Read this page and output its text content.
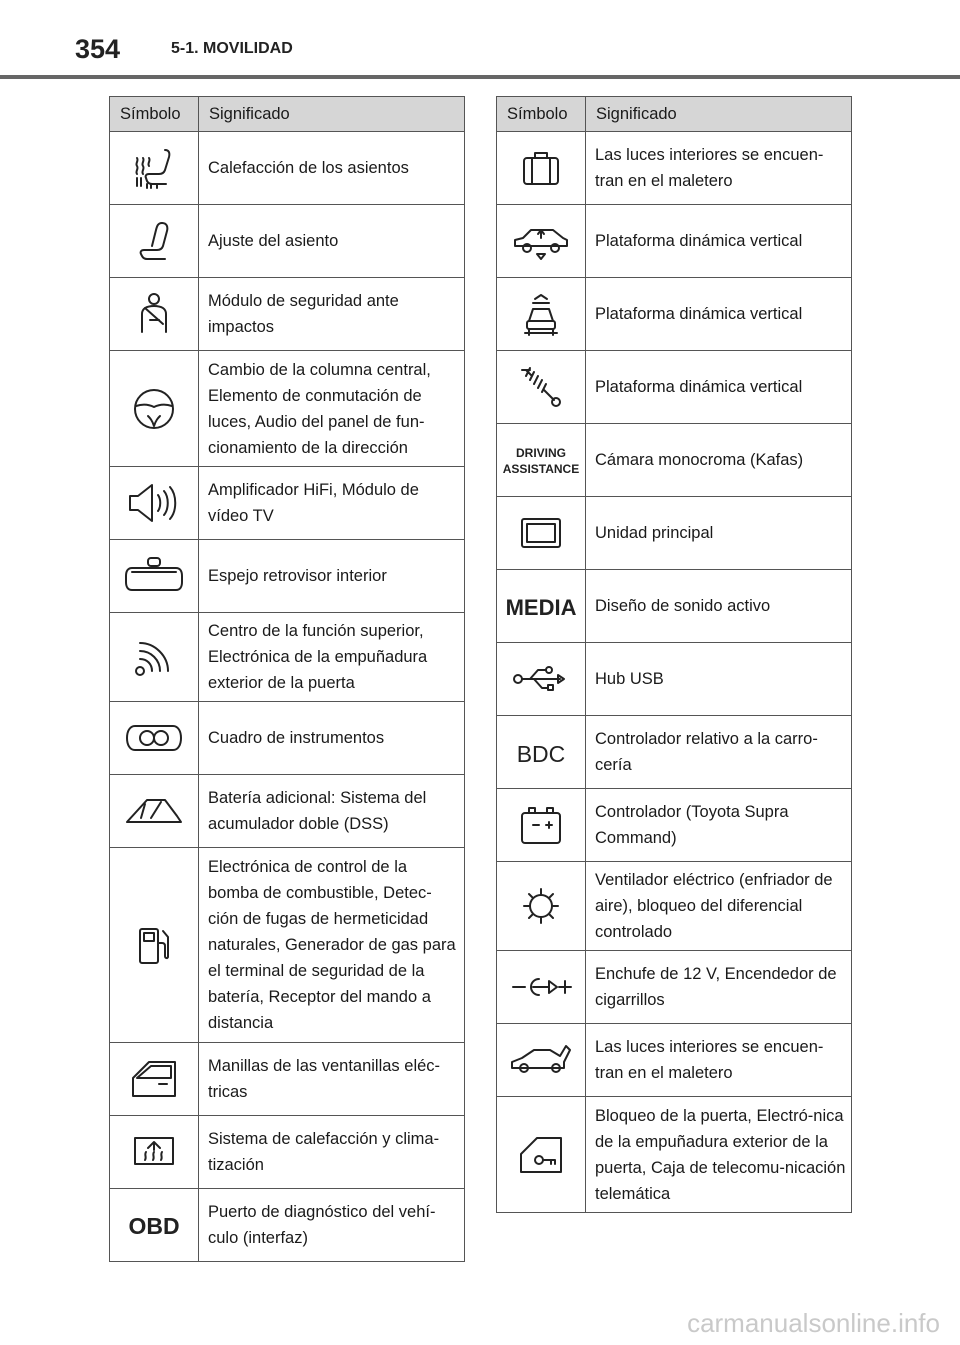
354	5-1. MOVILIDAD
Símbolo	Significado
	Calefacción de los asientos
	Ajuste del asiento
	Módulo de seguridad ante impactos
	Cambio de la columna central, Elemento de conmutación de luces, Audio del panel de fun-cionamiento de la dirección
	Amplificador HiFi, Módulo de vídeo TV
	Espejo retrovisor interior
	Centro de la función superior, Electrónica de la empuñadura exterior de la puerta
	Cuadro de instrumentos
	Batería adicional: Sistema del acumulador doble (DSS)
	Electrónica de control de la bomba de combustible, Detec-ción de fugas de hermeticidad naturales, Generador de gas para el terminal de seguridad de la batería, Receptor del mando a distancia
	Manillas de las ventanillas eléc-tricas
	Sistema de calefacción y clima-tización

OBD	Puerto de diagnóstico del vehí-culo (interfaz)
Símbolo	Significado
	Las luces interiores se encuen-tran en el maletero
	Plataforma dinámica vertical
	Plataforma dinámica vertical
	Plataforma dinámica vertical

DRIVING
ASSISTANCE	Cámara monocroma (Kafas)
	Unidad principal

MEDIA	Diseño de sonido activo
	Hub USB

BDC	Controlador relativo a la carro-cería
	Controlador (Toyota Supra Command)
	Ventilador eléctrico (enfriador de aire), bloqueo del diferencial controlado
	Enchufe de 12 V, Encendedor de cigarrillos
	Las luces interiores se encuen-tran en el maletero
	Bloqueo de la puerta, Electró-nica de la empuñadura exterior de la puerta, Caja de telecomu-nicación telemática
carmanualsonline.info
